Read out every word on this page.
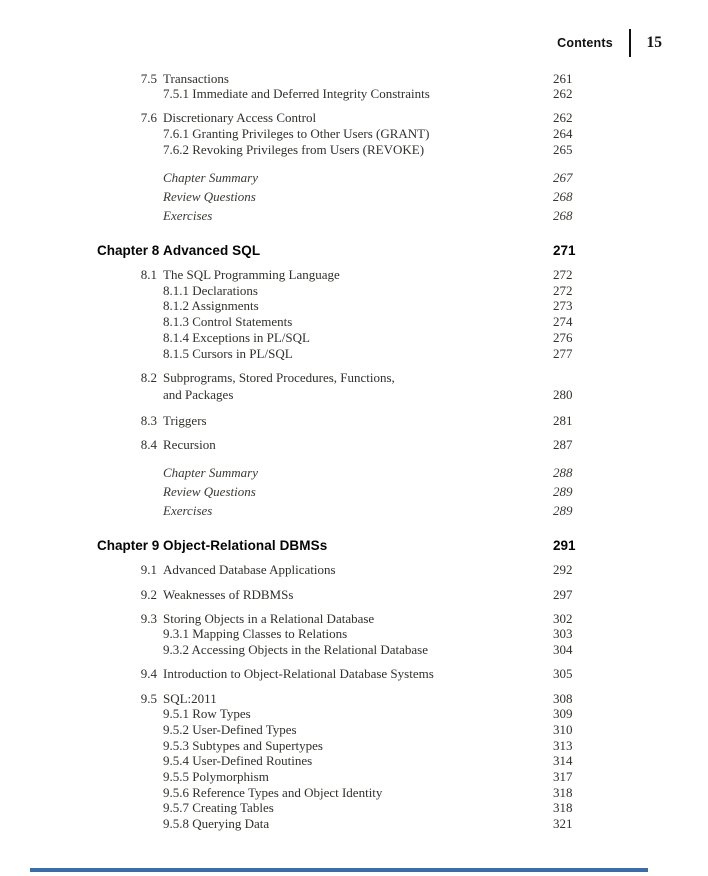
Contents 15
7.5 Transactions	261
7.5.1 Immediate and Deferred Integrity Constraints	262
7.6 Discretionary Access Control	262
7.6.1 Granting Privileges to Other Users (GRANT)	264
7.6.2 Revoking Privileges from Users (REVOKE)	265
Chapter Summary	267
Review Questions	268
Exercises	268
Chapter 8 Advanced SQL	271
8.1 The SQL Programming Language	272
8.1.1 Declarations	272
8.1.2 Assignments	273
8.1.3 Control Statements	274
8.1.4 Exceptions in PL/SQL	276
8.1.5 Cursors in PL/SQL	277
8.2 Subprograms, Stored Procedures, Functions,
and Packages	280
8.3 Triggers	281
8.4 Recursion	287
Chapter Summary	288
Review Questions	289
Exercises	289
Chapter 9 Object-Relational DBMSs	291
9.1 Advanced Database Applications	292
9.2 Weaknesses of RDBMSs	297
9.3 Storing Objects in a Relational Database	302
9.3.1 Mapping Classes to Relations	303
9.3.2 Accessing Objects in the Relational Database	304
9.4 Introduction to Object-Relational Database Systems	305
9.5 SQL:2011	308
9.5.1 Row Types	309
9.5.2 User-Defined Types	310
9.5.3 Subtypes and Supertypes	313
9.5.4 User-Defined Routines	314
9.5.5 Polymorphism	317
9.5.6 Reference Types and Object Identity	318
9.5.7 Creating Tables	318
9.5.8 Querying Data	321
